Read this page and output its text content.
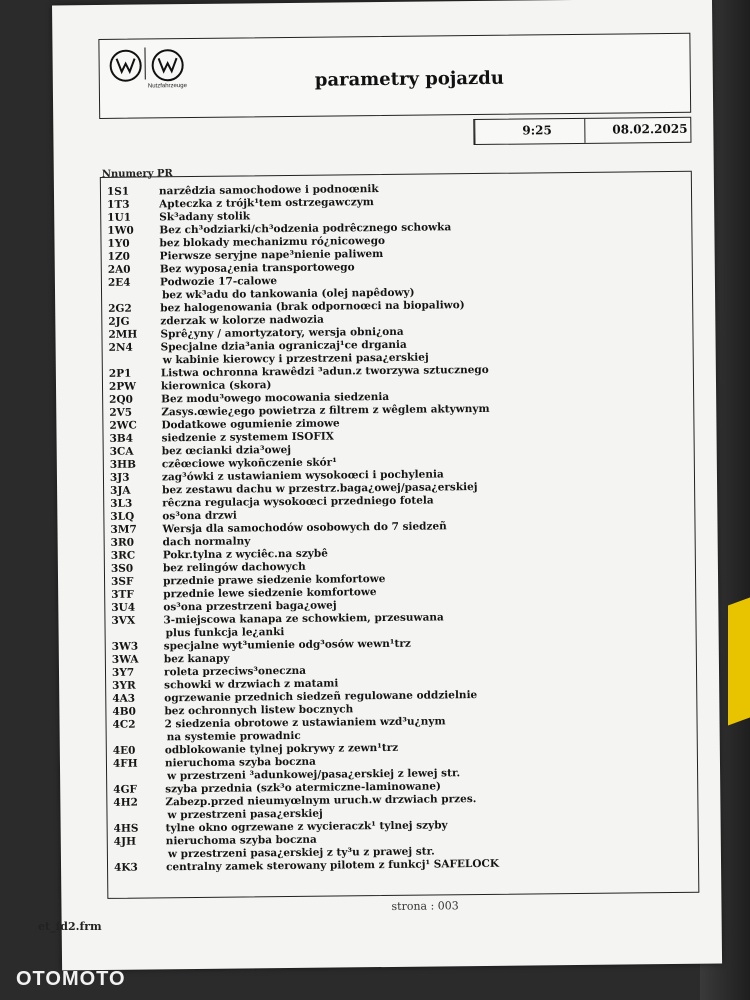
Nutzfahrzeuge	parametry pojazdu
9:25	08.02.2025
Nnumery PR
1S1	narzêdzia samochodowe i podnoœnik
1T3	Apteczka z trójk¹tem ostrzegawczym
1U1	Sk³adany stolik
1W0 Bez ch³odziarki/ch³odzenia podrêcznego schowka
1Y0	bez blokady mechanizmu ró¿nicowego
1Z0	Pierwsze seryjne nape³nienie paliwem
2A0	Bez wyposa¿enia transportowego
2E4	Podwozie 17-calowe
bez wk³adu do tankowania (olej napêdowy)
2G2	bez halogenowania (brak odpornoœci na biopaliwo)
2JG	zderzak w kolorze nadwozia
2MH Sprê¿yny / amortyzatory, wersja obni¿ona
2N4	Specjalne dzia³ania ograniczaj¹ce drgania
w kabinie kierowcy i przestrzeni pasa¿erskiej
2P1	Listwa ochronna krawêdzi ³adun.z tworzywa sztucznego
2PW kierownica (skora)
2Q0	Bez modu³owego mocowania siedzenia
2V5	Zasys.œwie¿ego powietrza z filtrem z wêglem aktywnym
2WC Dodatkowe ogumienie zimowe
3B4	siedzenie z systemem ISOFIX
3CA	bez œcianki dzia³owej
3HB czêœciowe wykoñczenie skór¹
3J3	zag³ówki z ustawianiem wysokoœci i pochylenia
3JA	bez zestawu dachu w przestrz.baga¿owej/pasa¿erskiej
3L3	rêczna regulacja wysokoœci przedniego fotela
3LQ	os³ona drzwi
3M7 Wersja dla samochodów osobowych do 7 siedzeñ
3R0	dach normalny
3RC	Pokr.tylna z wyciêc.na szybê
3S0	bez relingów dachowych
3SF	przednie prawe siedzenie komfortowe
3TF	przednie lewe siedzenie komfortowe
3U4	os³ona przestrzeni baga¿owej
3VX	3-miejscowa kanapa ze schowkiem, przesuwana
plus funkcja le¿anki
3W3 specjalne wyt³umienie odg³osów wewn¹trz
3WA bez kanapy
3Y7	roleta przeciws³oneczna
3YR	schowki w drzwiach z matami
4A3	ogrzewanie przednich siedzeñ regulowane oddzielnie
4B0	bez ochronnych listew bocznych
4C2	2 siedzenia obrotowe z ustawianiem wzd³u¿nym
na systemie prowadnic
4E0	odblokowanie tylnej pokrywy z zewn¹trz
4FH	nieruchoma szyba boczna
w przestrzeni ³adunkowej/pasa¿erskiej z lewej str.
4GF	szyba przednia (szk³o atermiczne-laminowane)
4H2	Zabezp.przed nieumyœlnym uruch.w drzwiach przes.
w przestrzeni pasa¿erskiej
4HS	tylne okno ogrzewane z wycieraczk¹ tylnej szyby
4JH	nieruchoma szyba boczna
w przestrzeni pasa¿erskiej z ty³u z prawej str.
4K3	centralny zamek sterowany pilotem z funkcj¹ SAFELOCK
strona : 003
et_fd2.frm
OTOMOTO
